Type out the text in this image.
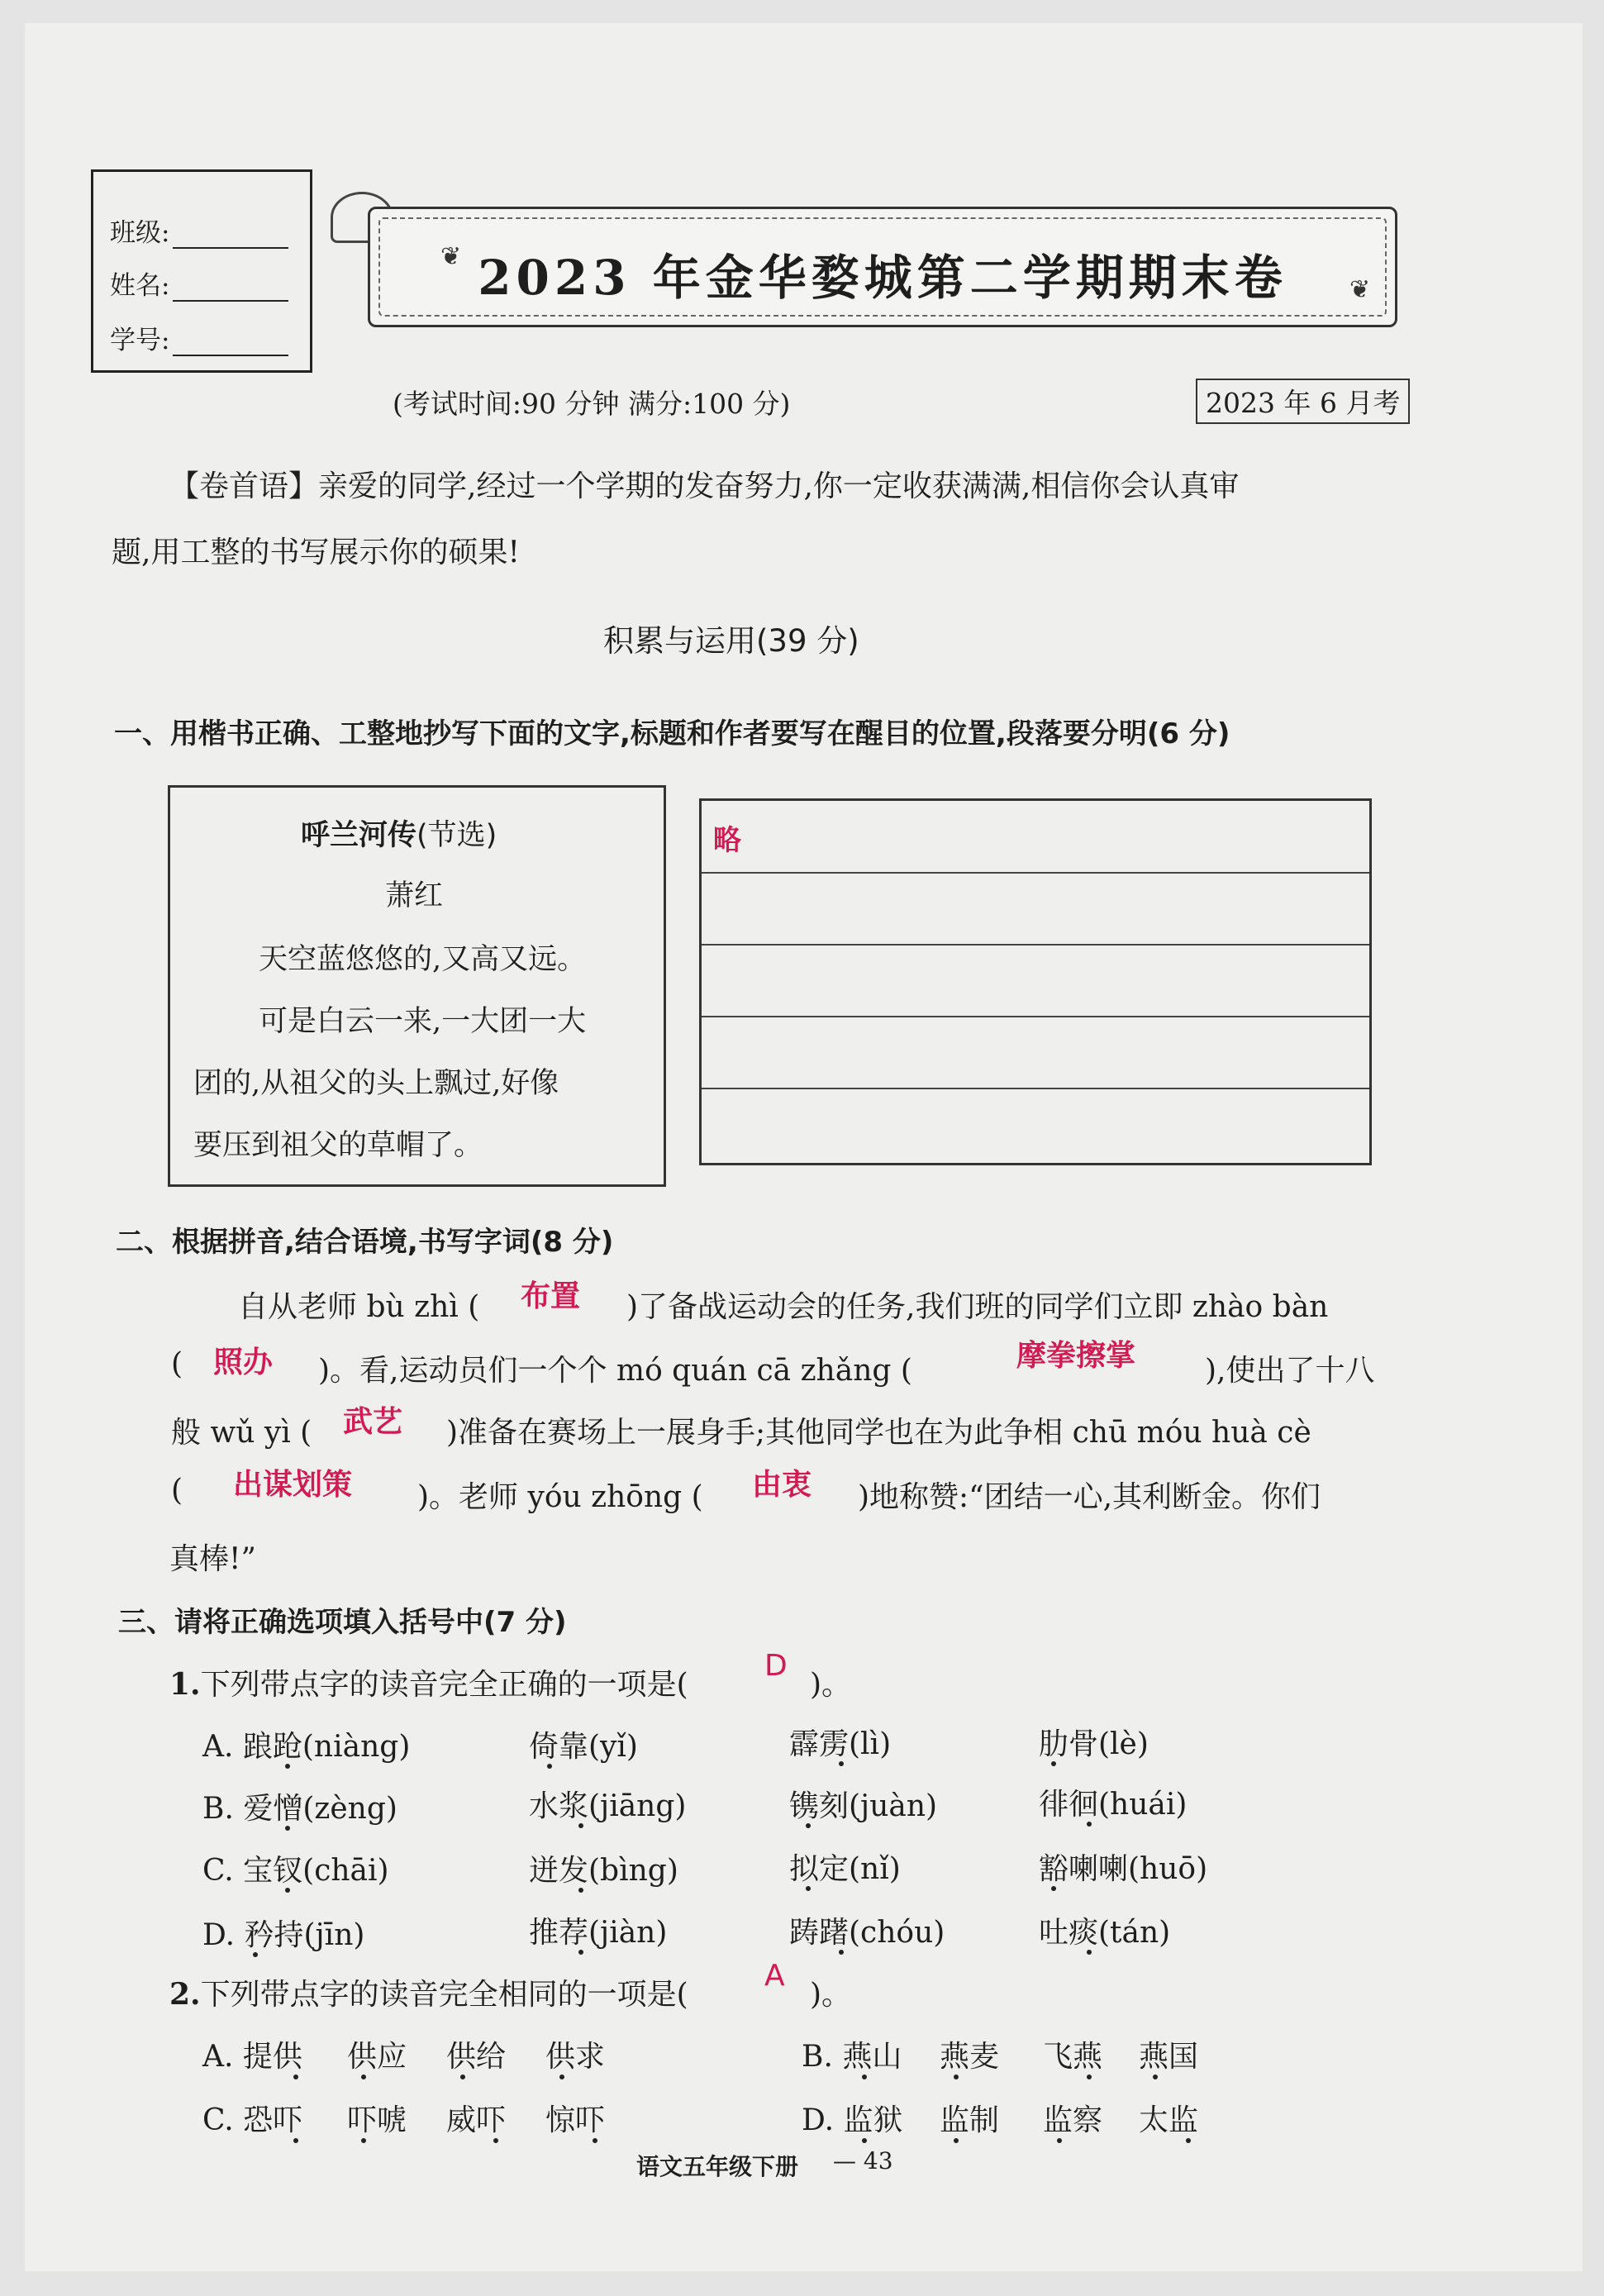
班级:
姓名:
学号:
2023 年金华婺城第二学期期末卷
❦
❦
(考试时间:90 分钟 满分:100 分)	2023 年 6 月考
【卷首语】亲爱的同学,经过一个学期的发奋努力,你一定收获满满,相信你会认真审
题,用工整的书写展示你的硕果!
积累与运用(39 分)
一、用楷书正确、工整地抄写下面的文字,标题和作者要写在醒目的位置,段落要分明(6 分)
呼兰河传(节选)
萧红
天空蓝悠悠的,又高又远。
可是白云一来,一大团一大
团的,从祖父的头上飘过,好像
要压到祖父的草帽了。
略
二、根据拼音,结合语境,书写字词(8 分)
自从老师 bù zhì ( 布置 )了备战运动会的任务,我们班的同学们立即 zhào bàn
( 照办 )。看,运动员们一个个 mó quán cā zhǎng (	摩拳擦掌 ),使出了十八
般 wǔ yì ( 武艺 )准备在赛场上一展身手;其他同学也在为此争相 chū móu huà cè
( 出谋划策 )。老师 yóu zhōng ( 由衷 )地称赞:“团结一心,其利断金。你们
真棒!”
三、请将正确选项填入括号中(7 分)
1.下列带点字的读音完全正确的一项是(
D
)。
A. 踉跄(niàng)	倚靠(yǐ)	霹雳(lì)	肋骨(lè)
B. 爱憎(zèng)	水浆(jiāng)	镌刻(juàn)	徘徊(huái)
C. 宝钗(chāi)	迸发(bìng)	拟定(nǐ)	豁喇喇(huō)
D. 矜持(jīn)	推荐(jiàn)	踌躇(chóu)	吐痰(tán)
2.下列带点字的读音完全相同的一项是(
A
)。
A. 提供 供应 供给 供求	B. 燕山 燕麦 飞燕 燕国
C. 恐吓 吓唬 威吓 惊吓	D. 监狱 监制 监察 太监
语文五年级下册 — 43
